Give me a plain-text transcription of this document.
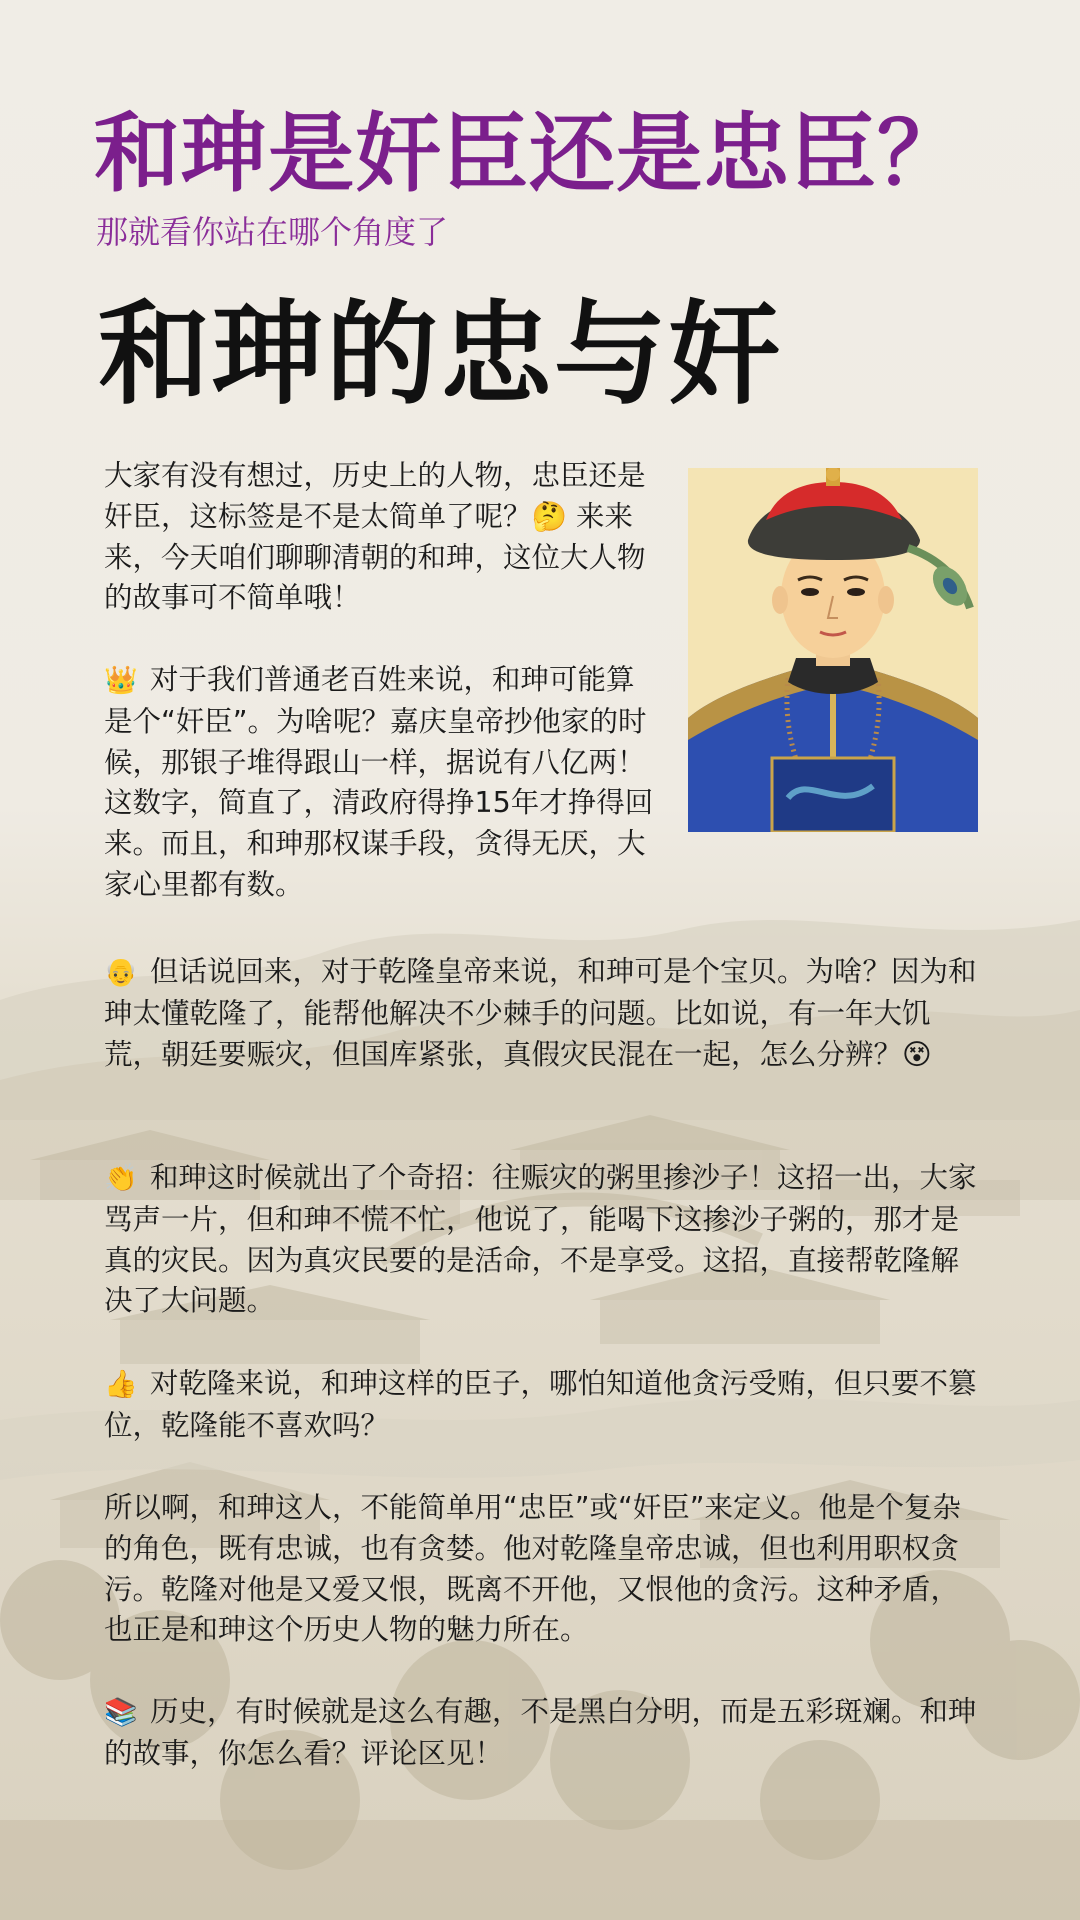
和珅是奸臣还是忠臣？

那就看你站在哪个角度了

和珅的忠与奸

大家有没有想过，历史上的人物，忠臣还是奸臣，这标签是不是太简单了呢？🤔 来来来，今天咱们聊聊清朝的和珅，这位大人物的故事可不简单哦！

👑 对于我们普通老百姓来说，和珅可能算是个“奸臣”。为啥呢？嘉庆皇帝抄他家的时候，那银子堆得跟山一样，据说有八亿两！这数字，简直了，清政府得挣15年才挣得回来。而且，和珅那权谋手段，贪得无厌，大家心里都有数。

👴 但话说回来，对于乾隆皇帝来说，和珅可是个宝贝。为啥？因为和珅太懂乾隆了，能帮他解决不少棘手的问题。比如说，有一年大饥荒，朝廷要赈灾，但国库紧张，真假灾民混在一起，怎么分辨？😵

👏 和珅这时候就出了个奇招：往赈灾的粥里掺沙子！这招一出，大家骂声一片，但和珅不慌不忙，他说了，能喝下这掺沙子粥的，那才是真的灾民。因为真灾民要的是活命，不是享受。这招，直接帮乾隆解决了大问题。

👍 对乾隆来说，和珅这样的臣子，哪怕知道他贪污受贿，但只要不篡位，乾隆能不喜欢吗？

所以啊，和珅这人，不能简单用“忠臣”或“奸臣”来定义。他是个复杂的角色，既有忠诚，也有贪婪。他对乾隆皇帝忠诚，但也利用职权贪污。乾隆对他是又爱又恨，既离不开他，又恨他的贪污。这种矛盾，也正是和珅这个历史人物的魅力所在。

📚 历史，有时候就是这么有趣，不是黑白分明，而是五彩斑斓。和珅的故事，你怎么看？评论区见！
